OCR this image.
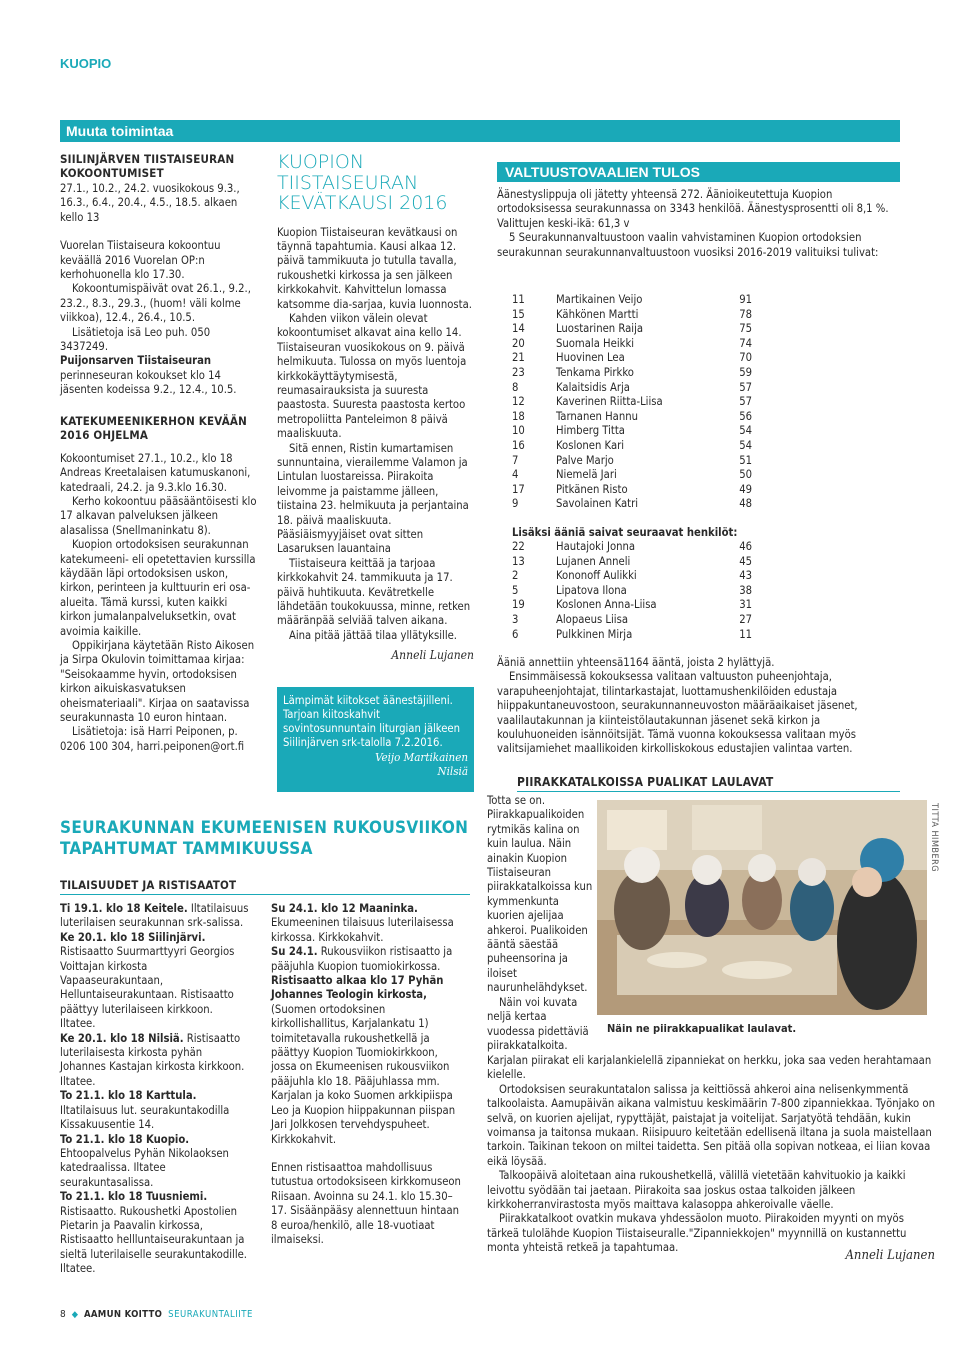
KUOPIO
Muuta toimintaa
SIILINJÄRVEN TIISTAISEURAN KOKOONTUMISET

27.1., 10.2., 24.2. vuosikokous 9.3., 16.3., 6.4., 20.4., 4.5., 18.5. alkaen kello 13

Vuorelan Tiistaiseura kokoontuu keväällä 2016 Vuorelan OP:n kerhohuonella klo 17.30.

Kokoontumispäivät ovat 26.1., 9.2., 23.2., 8.3., 29.3., (huom! väli kolme viikkoa), 12.4., 26.4., 10.5.

Lisätietoja isä Leo puh. 050 3437249.

Puijonsarven Tiistaiseuran perinneseuran kokoukset klo 14 jäsenten kodeissa 9.2., 12.4., 10.5.

KATEKUMEENIKERHON KEVÄÄN 2016 OHJELMA

Kokoontumiset 27.1., 10.2., klo 18 Andreas Kreetalaisen katumuskanoni, katedraali, 24.2. ja 9.3.klo 16.30.

Kerho kokoontuu pääsääntöisesti klo 17 alkavan palveluksen jälkeen alasalissa (Snellmaninkatu 8).

Kuopion ortodoksisen seurakunnan katekumeeni- eli opetettavien kurssilla käydään läpi ortodoksisen uskon, kirkon, perinteen ja kulttuurin eri osa-alueita. Tämä kurssi, kuten kaikki kirkon jumalanpalveluksetkin, ovat avoimia kaikille.

Oppikirjana käytetään Risto Aikosen ja Sirpa Okulovin toimittamaa kirjaa: "Seisokaamme hyvin, ortodoksisen kirkon aikuiskasvatuksen oheismateriaali". Kirjaa on saatavissa seurakunnasta 10 euron hintaan.

Lisätietoja: isä Harri Peiponen, p. 0206 100 304, harri.peiponen@ort.fi

KUOPION TIISTAISEURAN KEVÄTKAUSI 2016

Kuopion Tiistaiseuran kevätkausi on täynnä tapahtumia. Kausi alkaa 12. päivä tammikuuta jo tutulla tavalla, rukoushetki kirkossa ja sen jälkeen kirkkokahvit. Kahvittelun lomassa katsomme dia-sarjaa, kuvia luonnosta.

Kahden viikon välein olevat kokoontumiset alkavat aina kello 14. Tiistaiseuran vuosikokous on 9. päivä helmikuuta. Tulossa on myös luentoja kirkkokäyttäytymisestä, reumasairauksista ja suuresta paastosta. Suuresta paastosta kertoo metropoliitta Panteleimon 8 päivä maaliskuuta.

Sitä ennen, Ristin kumartamisen sunnuntaina, vierailemme Valamon ja Lintulan luostareissa. Piirakoita leivomme ja paistamme jälleen, tiistaina 23. helmikuuta ja perjantaina 18. päivä maaliskuuta. Pääsiäismyyjäiset ovat sitten Lasaruksen lauantaina

Tiistaiseura keittää ja tarjoaa kirkkokahvit 24. tammikuuta ja 17. päivä huhtikuuta. Kevätretkelle lähdetään toukokuussa, minne, retken määränpää selviää talven aikana.

Aina pitää jättää tilaa yllätyksille.

Anneli Lujanen
Lämpimät kiitokset äänestäjilleni.
Tarjoan kiitoskahvit sovintosunnuntain liturgian jälkeen Siilinjärven srk-talolla 7.2.2016.
Veijo Martikainen
Nilsiä
VALTUUSTOVAALIEN TULOS

Äänestyslippuja oli jätetty yhteensä 272. Äänioikeutettuja Kuopion ortodoksisessa seurakunnassa on 3343 henkilöä. Äänestysprosentti oli 8,1 %. Valittujen keski-ikä: 61,3 v

5 Seurakunnanvaltuustoon vaalin vahvistaminen Kuopion ortodoksien seurakunnan seurakunnanvaltuustoon vuosiksi 2016-2019 valituiksi tulivat:

11	Martikainen Veijo	91
15	Kähkönen Martti	78
14	Luostarinen Raija	75
20	Suomala Heikki	74
21	Huovinen Lea	70
23	Tenkama Pirkko	59
8	Kalaitsidis Arja	57
12	Kaverinen Riitta-Liisa	57
18	Tarnanen Hannu	56
10	Himberg Titta	54
16	Koslonen Kari	54
7	Palve Marjo	51
4	Niemelä Jari	50
17	Pitkänen Risto	49
9	Savolainen Katri	48
Lisäksi ääniä saivat seuraavat henkilöt:
22	Hautajoki Jonna	46
13	Lujanen Anneli	45
2	Kononoff Aulikki	43
5	Lipatova Ilona	38
19	Koslonen Anna-Liisa	31
3	Alopaeus Liisa	27
6	Pulkkinen Mirja	11

Ääniä annettiin yhteensä1164 ääntä, joista 2 hylättyjä.

Ensimmäisessä kokouksessa valitaan valtuuston puheenjohtaja, varapuheenjohtajat, tilintarkastajat, luottamushenkilöiden edustaja hiippakuntaneuvostoon, seurakunnanneuvoston määräaikaiset jäsenet, vaalilautakunnan ja kiinteistölautakunnan jäsenet sekä kirkon ja kouluhuoneiden isännöitsijät. Tämä vuonna kokouksessa valitaan myös valitsijamiehet maallikoiden kirkolliskokous edustajien valintaa varten.

PIIRAKKATALKOISSA PUALIKAT LAULAVAT
TITTA HIMBERG
Näin ne piirakkapualikat laulavat.

Totta se on. Piirakkapualikoiden rytmikäs kalina on kuin laulua. Näin ainakin Kuopion Tiistaiseuran piirakkatalkoissa kun kymmenkunta kuorien ajelijaa ahkeroi. Pualikoiden ääntä säestää puheensorina ja iloiset naurunhelähdykset.

Näin voi kuvata neljä kertaa vuodessa pidettäviä piirakkatalkoita.

Karjalan piirakat eli karjalankielellä zipanniekat on herkku, joka saa veden herahtamaan kielelle.

Ortodoksisen seurakuntatalon salissa ja keittiössä ahkeroi aina nelisenkymmentä talkoolaista. Aamupäivän aikana valmistuu keskimäärin 7-800 zipanniekkaa. Työnjako on selvä, on kuorien ajelijat, rypyttäjät, paistajat ja voitelijat. Sarjatyötä tehdään, kukin voimansa ja taitonsa mukaan. Riisipuuro keitetään edellisenä iltana ja suola maistellaan tarkoin. Taikinan tekoon on miltei taidetta. Sen pitää olla sopivan notkeaa, ei liian kovaa eikä löysää.

Talkoopäivä aloitetaan aina rukoushetkellä, välillä vietetään kahvituokio ja kaikki leivottu syödään tai jaetaan. Piirakoita saa joskus ostaa talkoiden jälkeen kirkkoherranvirastosta myös maittava kalasoppa ahkeroivalle väelle.

Piirakkatalkoot ovatkin mukava yhdessäolon muoto. Piirakoiden myynti on myös tärkeä tulolähde Kuopion Tiistaiseuralle."Zipanniekkojen" myynnillä on kustannettu monta yhteistä retkeä ja tapahtumaa.

Anneli Lujanen
SEURAKUNNAN EKUMEENISEN RUKOUSVIIKON TAPAHTUMAT TAMMIKUUSSA
TILAISUUDET JA RISTISAATOT

Ti 19.1. klo 18 Keitele. Iltatilaisuus luterilaisen seurakunnan srk-salissa.

Ke 20.1. klo 18 Siilinjärvi. Ristisaatto Suurmarttyyri Georgios Voittajan kirkosta Vapaaseurakuntaan, Helluntaiseurakuntaan. Ristisaatto päättyy luterilaiseen kirkkoon. Iltatee.

Ke 20.1. klo 18 Nilsiä. Ristisaatto luterilaisesta kirkosta pyhän Johannes Kastajan kirkosta kirkkoon. Iltatee.

To 21.1. klo 18 Karttula. Iltatilaisuus lut. seurakuntakodilla Kissakuusentie 14.

To 21.1. klo 18 Kuopio. Ehtoopalvelus Pyhän Nikolaoksen katedraalissa. Iltatee seurakuntasalissa.

To 21.1. klo 18 Tuusniemi. Ristisaatto. Rukoushetki Apostolien Pietarin ja Paavalin kirkossa, Ristisaatto hellluntaiseurakuntaan ja sieltä luterilaiselle seurakuntakodille. Iltatee.

Su 24.1. klo 12 Maaninka. Ekumeeninen tilaisuus luterilaisessa kirkossa. Kirkkokahvit.

Su 24.1. Rukousviikon ristisaatto ja pääjuhla Kuopion tuomiokirkossa.

Ristisaatto alkaa klo 17 Pyhän Johannes Teologin kirkosta, (Suomen ortodoksinen kirkollishallitus, Karjalankatu 1) toimitetavalla rukoushetkellä ja päättyy Kuopion Tuomiokirkkoon, jossa on Ekumeenisen rukousviikon pääjuhla klo 18. Pääjuhlassa mm. Karjalan ja koko Suomen arkkipiispa Leo ja Kuopion hiippakunnan piispan Jari Jolkkosen tervehdyspuheet. Kirkkokahvit.

Ennen ristisaattoa mahdollisuus tutustua ortodoksiseen kirkkomuseon Riisaan. Avoinna su 24.1. klo 15.30–17. Sisäänpääsy alennettuun hintaan 8 euroa/henkilö, alle 18-vuotiaat ilmaiseksi.

8 ◆ AAMUN KOITTO SEURAKUNTALIITE
